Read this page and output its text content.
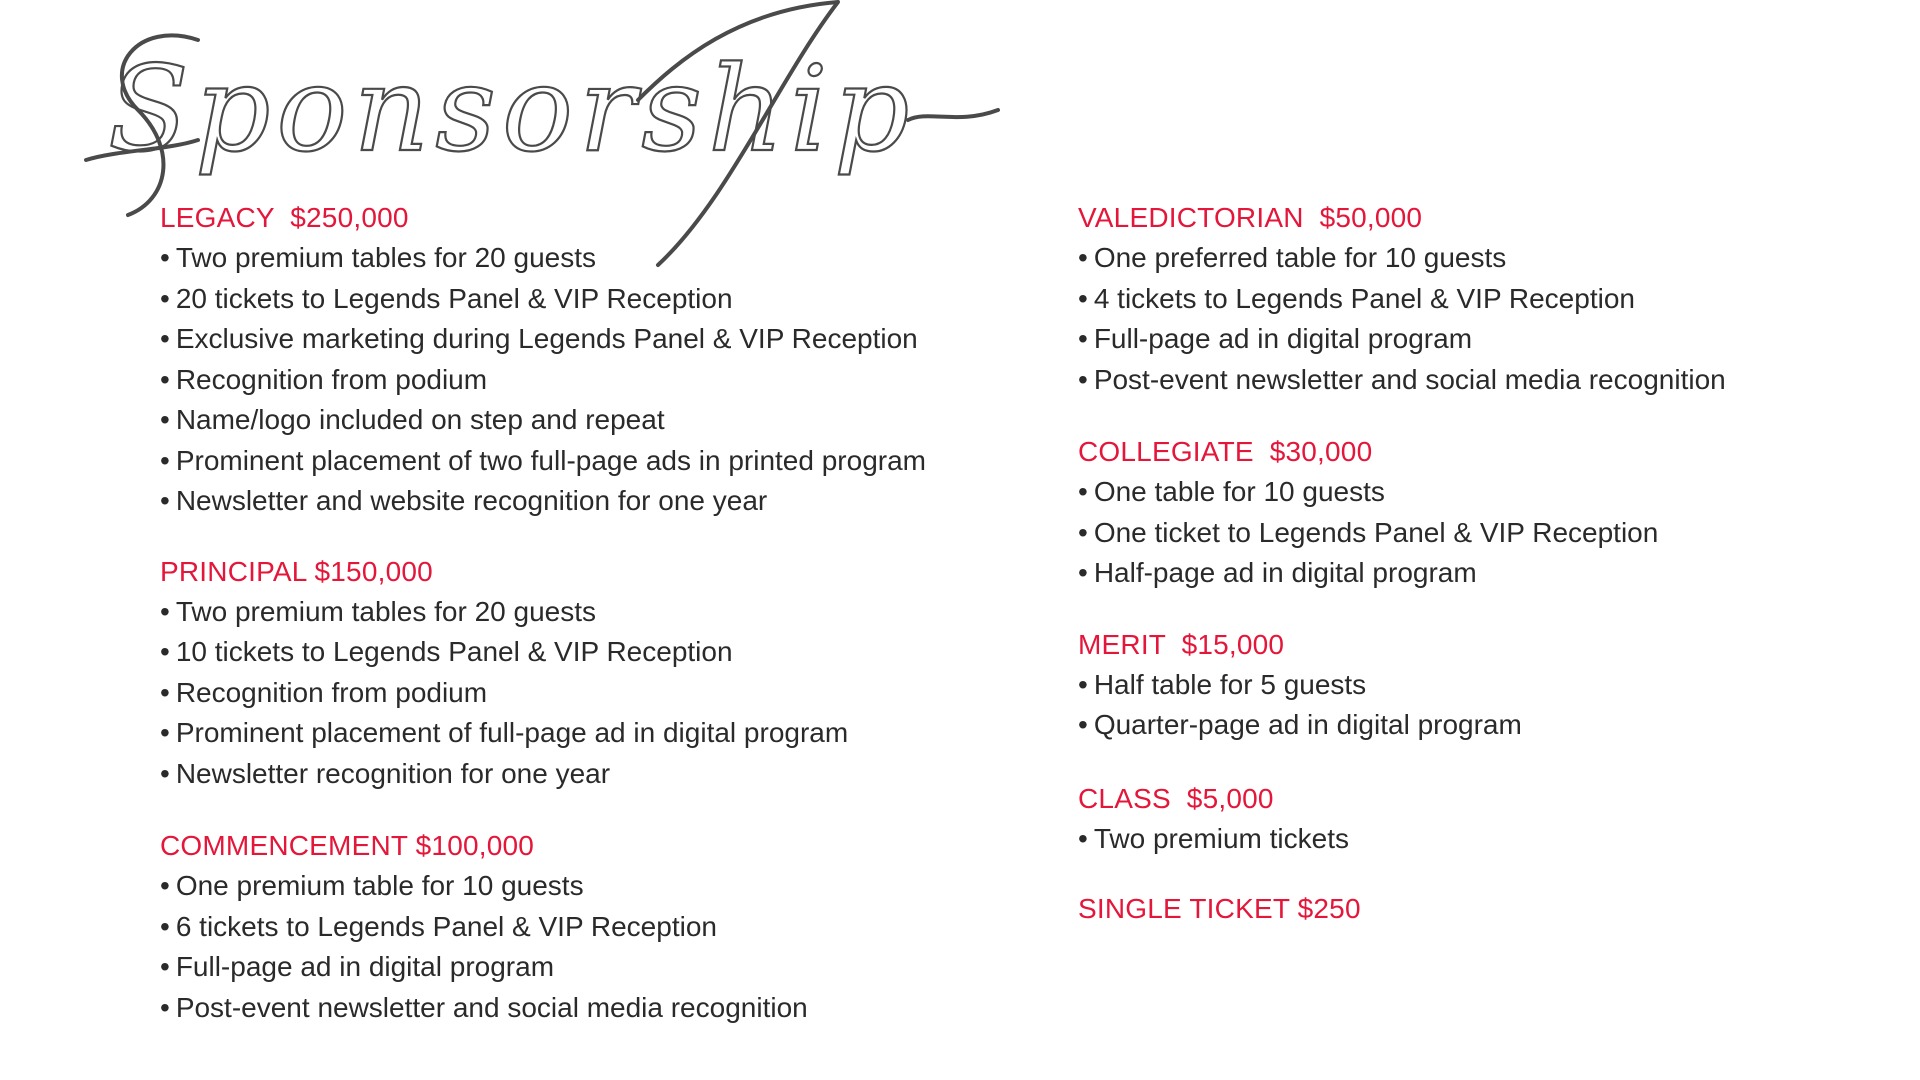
Sponsorship
LEGACY $250,000
• Two premium tables for 20 guests
• 20 tickets to Legends Panel & VIP Reception
• Exclusive marketing during Legends Panel & VIP Reception
• Recognition from podium
• Name/logo included on step and repeat
• Prominent placement of two full-page ads in printed program
• Newsletter and website recognition for one year
PRINCIPAL $150,000
• Two premium tables for 20 guests
• 10 tickets to Legends Panel & VIP Reception
• Recognition from podium
• Prominent placement of full-page ad in digital program
• Newsletter recognition for one year
COMMENCEMENT $100,000
• One premium table for 10 guests
• 6 tickets to Legends Panel & VIP Reception
• Full-page ad in digital program
• Post-event newsletter and social media recognition
VALEDICTORIAN $50,000
• One preferred table for 10 guests
• 4 tickets to Legends Panel & VIP Reception
• Full-page ad in digital program
• Post-event newsletter and social media recognition
COLLEGIATE $30,000
• One table for 10 guests
• One ticket to Legends Panel & VIP Reception
• Half-page ad in digital program
MERIT $15,000
• Half table for 5 guests
• Quarter-page ad in digital program
CLASS $5,000
• Two premium tickets
SINGLE TICKET $250
